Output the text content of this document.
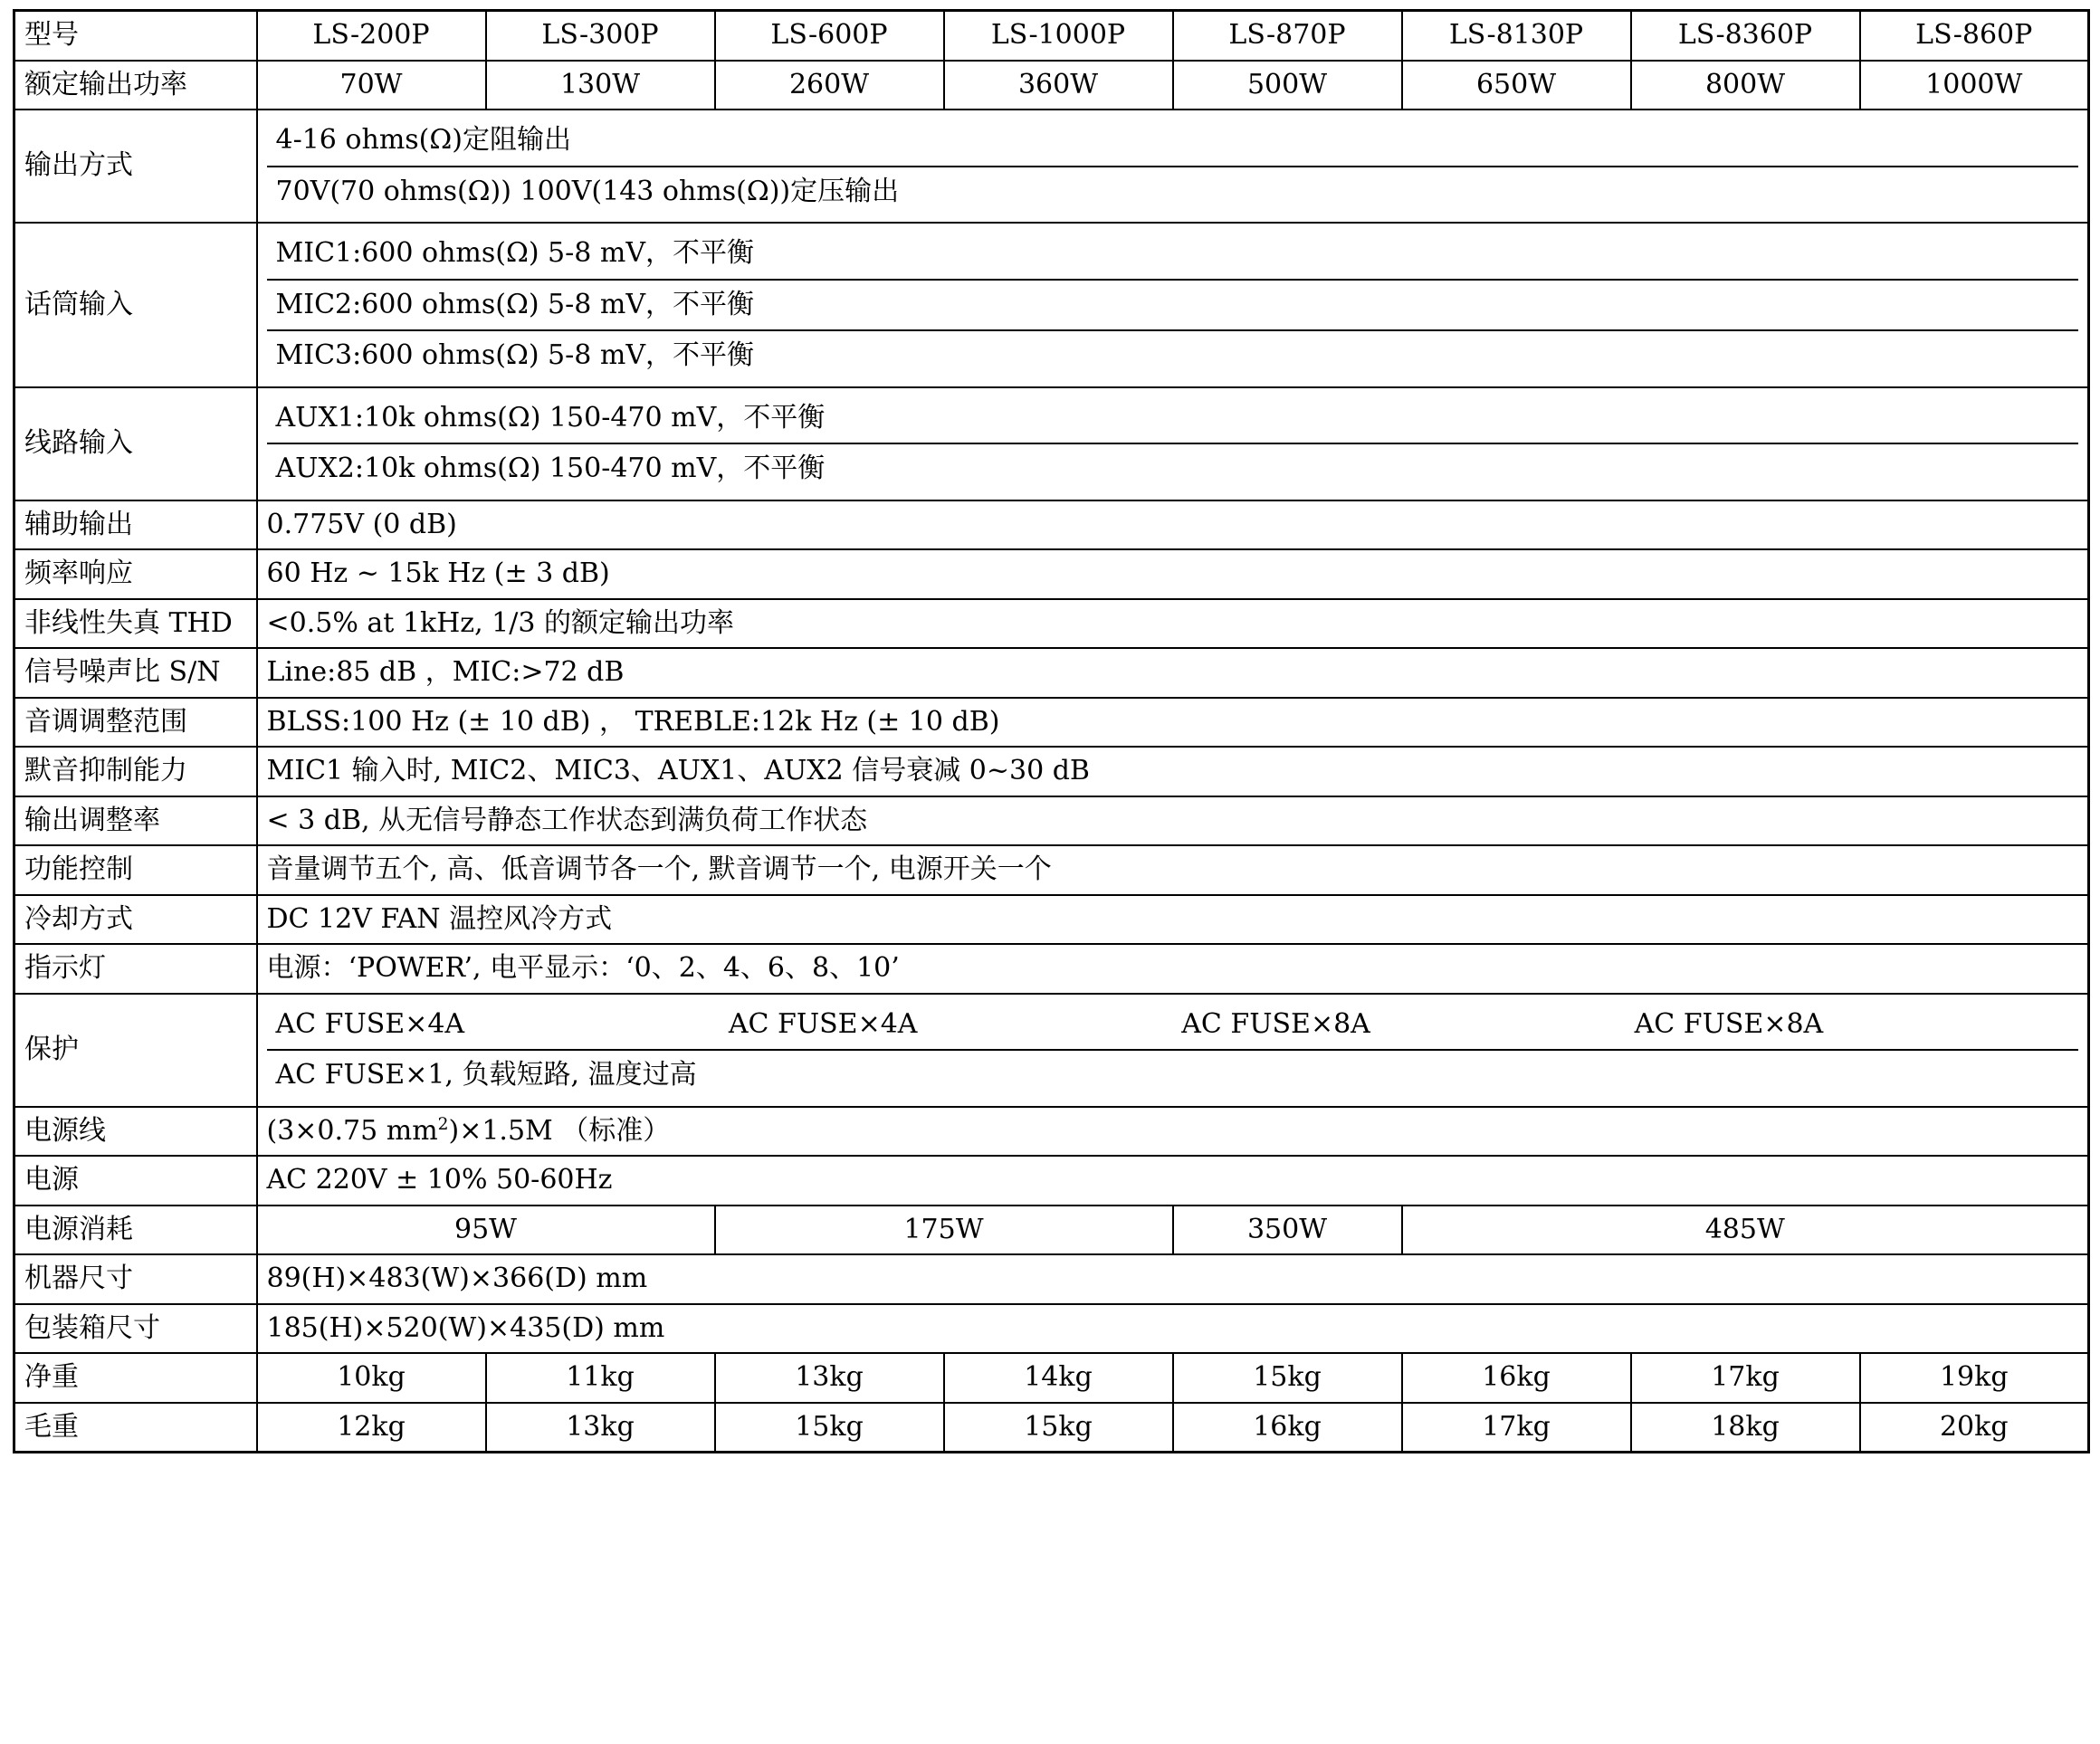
型号	LS-200P	LS-300P	LS-600P	LS-1000P	LS-870P	LS-8130P	LS-8360P	LS-860P
额定输出功率	70W	130W	260W	360W	500W	650W	800W	1000W
输出方式	
4-16 ohms(Ω)定阻输出
70V(70 ohms(Ω)) 100V(143 ohms(Ω))定压输出

话筒输入	
MIC1:600 ohms(Ω) 5-8 mV，不平衡
MIC2:600 ohms(Ω) 5-8 mV，不平衡
MIC3:600 ohms(Ω) 5-8 mV，不平衡

线路输入	
AUX1:10k ohms(Ω) 150-470 mV，不平衡
AUX2:10k ohms(Ω) 150-470 mV，不平衡

辅助输出	0.775V (0 dB)
频率响应	60 Hz ~ 15k Hz (± 3 dB)
非线性失真 THD	<0.5% at 1kHz, 1/3 的额定输出功率
信号噪声比 S/N	Line:85 dB ，MIC:>72 dB
音调调整范围	BLSS:100 Hz (± 10 dB) ， TREBLE:12k Hz (± 10 dB)
默音抑制能力	MIC1 输入时, MIC2、MIC3、AUX1、AUX2 信号衰减 0~30 dB
输出调整率	< 3 dB, 从无信号静态工作状态到满负荷工作状态
功能控制	音量调节五个, 高、低音调节各一个, 默音调节一个, 电源开关一个
冷却方式	DC 12V FAN 温控风冷方式
指示灯	电源：‘POWER’, 电平显示：‘0、2、4、6、8、10’
保护	
AC FUSE×4A	AC FUSE×4A	AC FUSE×8A	AC FUSE×8A
AC FUSE×1, 负载短路, 温度过高

电源线	(3×0.75 $mm^2)\times 1.5M$ （标准）
电源	AC 220V ± 10% 50-60Hz
电源消耗	95W	175W	350W	485W
机器尺寸	89(H)×483(W)×366(D) mm
包装箱尺寸	185(H)×520(W)×435(D) mm
净重	10kg	11kg	13kg	14kg	15kg	16kg	17kg	19kg
毛重	12kg	13kg	15kg	15kg	16kg	17kg	18kg	20kg
